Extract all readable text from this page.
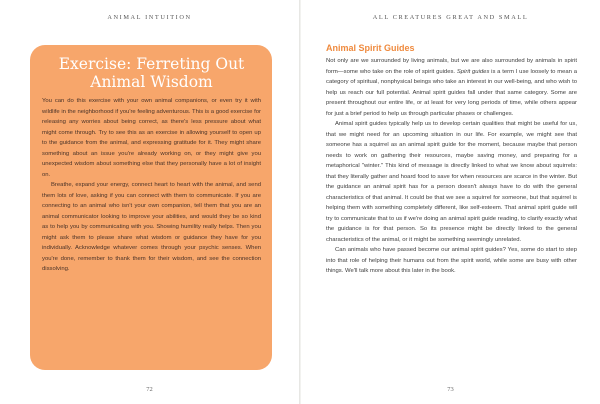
ANIMAL INTUITION
Exercise: Ferreting Out Animal Wisdom

You can do this exercise with your own animal companions, or even try it with wildlife in the neighborhood if you're feeling adventurous. This is a good exercise for releasing any worries about being correct, as there's less pressure about what might come through. Try to see this as an exercise in allowing yourself to open up to the guidance from the animal, and expressing gratitude for it. They might share something about an issue you're already working on, or they might give you unexpected wisdom about something else that they personally have a lot of insight on.

Breathe, expand your energy, connect heart to heart with the animal, and send them lots of love, asking if you can connect with them to communicate. If you are connecting to an animal who isn't your own companion, tell them that you are an animal communicator looking to improve your abilities, and would they be so kind as to help you by communicating with you. Showing humility really helps. Then you might ask them to please share what wisdom or guidance they have for you individually. Acknowledge whatever comes through your psychic senses. When you're done, remember to thank them for their wisdom, and see the connection dissolving.

72
ALL CREATURES GREAT AND SMALL
Animal Spirit Guides

Not only are we surrounded by living animals, but we are also surrounded by animals in spirit form—some who take on the role of spirit guides. Spirit guides is a term I use loosely to mean a category of spiritual, nonphysical beings who take an interest in our well-being, and who wish to help us reach our full potential. Animal spirit guides fall under that same category. Some are present throughout our entire life, or at least for very long periods of time, while others appear for just a brief period to help us through particular phases or challenges.

Animal spirit guides typically help us to develop certain qualities that might be useful for us, that we might need for an upcoming situation in our life. For example, we might see that someone has a squirrel as an animal spirit guide for the moment, because maybe that person needs to work on gathering their resources, maybe saving money, and preparing for a metaphorical "winter." This kind of message is directly linked to what we know about squirrels: that they literally gather and hoard food to save for when resources are scarce in the winter. But the guidance an animal spirit has for a person doesn't always have to do with the general characteristics of that animal. It could be that we see a squirrel for someone, but that squirrel is helping them with something completely different, like self-esteem. That animal spirit guide will try to communicate that to us if we're doing an animal spirit guide reading, to clarify exactly what the guidance is for that person. So its presence might be directly linked to the general characteristics of the animal, or it might be something seemingly unrelated.

Can animals who have passed become our animal spirit guides? Yes, some do start to step into that role of helping their humans out from the spirit world, while some are busy with other things. We'll talk more about this later in the book.

73
